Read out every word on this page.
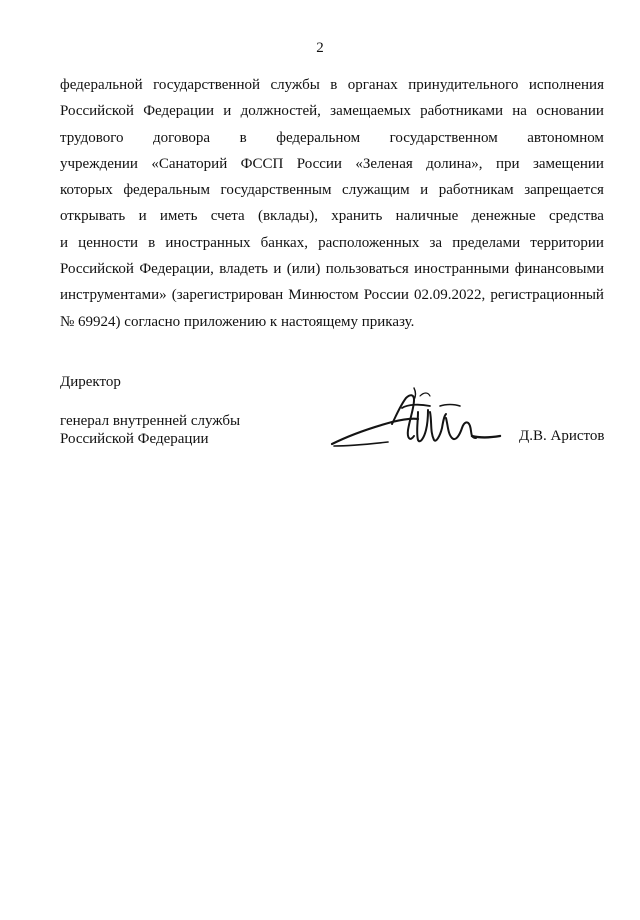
2
федеральной государственной службы в органах принудительного исполнения
Российской Федерации и должностей, замещаемых работниками на основании
трудового договора в федеральном государственном автономном
учреждении «Санаторий ФССП России «Зеленая долина», при замещении
которых федеральным государственным служащим и работникам запрещается
открывать и иметь счета (вклады), хранить наличные денежные средства
и ценности в иностранных банках, расположенных за пределами территории
Российской Федерации, владеть и (или) пользоваться иностранными финансовыми
инструментами» (зарегистрирован Минюстом России 02.09.2022, регистрационный
№ 69924) согласно приложению к настоящему приказу.
Директор
генерал внутренней службы
Российской Федерации	Д.В. Аристов
